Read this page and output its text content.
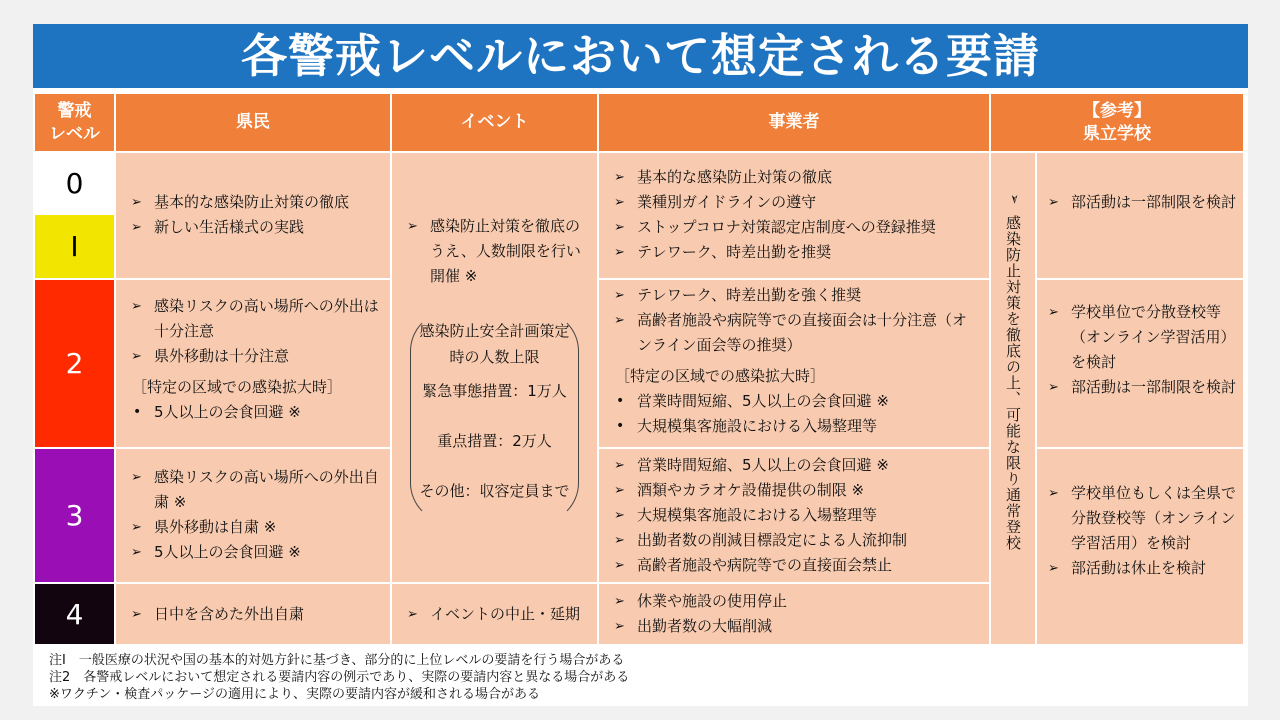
各警戒レベルにおいて想定される要請
警戒
レベル
県民	イベント	事業者
【参考】
県立学校
0
Ⅰ
2
3
4
➢ 基本的な感染防止対策の徹底
➢ 新しい生活様式の実践
➢ 感染リスクの高い場所への外出は十分注意
➢ 県外移動は十分注意
［特定の区域での感染拡大時］
• 5人以上の会食回避 ※
➢ 感染リスクの高い場所への外出自粛 ※
➢ 県外移動は自粛 ※
➢ 5人以上の会食回避 ※
➢ 日中を含めた外出自粛
➢ 感染防止対策を徹底のうえ、人数制限を行い開催 ※
感染防止安全計画策定時の人数上限
緊急事態措置：1万人
重点措置：2万人
その他：収容定員まで
➢ イベントの中止・延期
➢ 基本的な感染防止対策の徹底
➢ 業種別ガイドラインの遵守
➢ ストップコロナ対策認定店制度への登録推奨
➢ テレワーク、時差出勤を推奨
➢ テレワーク、時差出勤を強く推奨
➢ 高齢者施設や病院等での直接面会は十分注意（オンライン面会等の推奨）
［特定の区域での感染拡大時］
• 営業時間短縮、5人以上の会食回避 ※
• 大規模集客施設における入場整理等
➢ 営業時間短縮、5人以上の会食回避 ※
➢ 酒類やカラオケ設備提供の制限 ※
➢ 大規模集客施設における入場整理等
➢ 出勤者数の削減目標設定による人流抑制
➢ 高齢者施設や病院等での直接面会禁止
➢ 休業や施設の使用停止
➢ 出勤者数の大幅削減
➢
感染防止対策を徹底の上、可能な限り通常登校
➢ 部活動は一部制限を検討
➢ 学校単位で分散登校等（オンライン学習活用）を検討
➢ 部活動は一部制限を検討
➢ 学校単位もしくは全県で分散登校等（オンライン学習活用）を検討
➢ 部活動は休止を検討
注Ⅰ　一般医療の状況や国の基本的対処方針に基づき、部分的に上位レベルの要請を行う場合がある
注2　各警戒レベルにおいて想定される要請内容の例示であり、実際の要請内容と異なる場合がある
※ワクチン・検査パッケージの適用により、実際の要請内容が緩和される場合がある
